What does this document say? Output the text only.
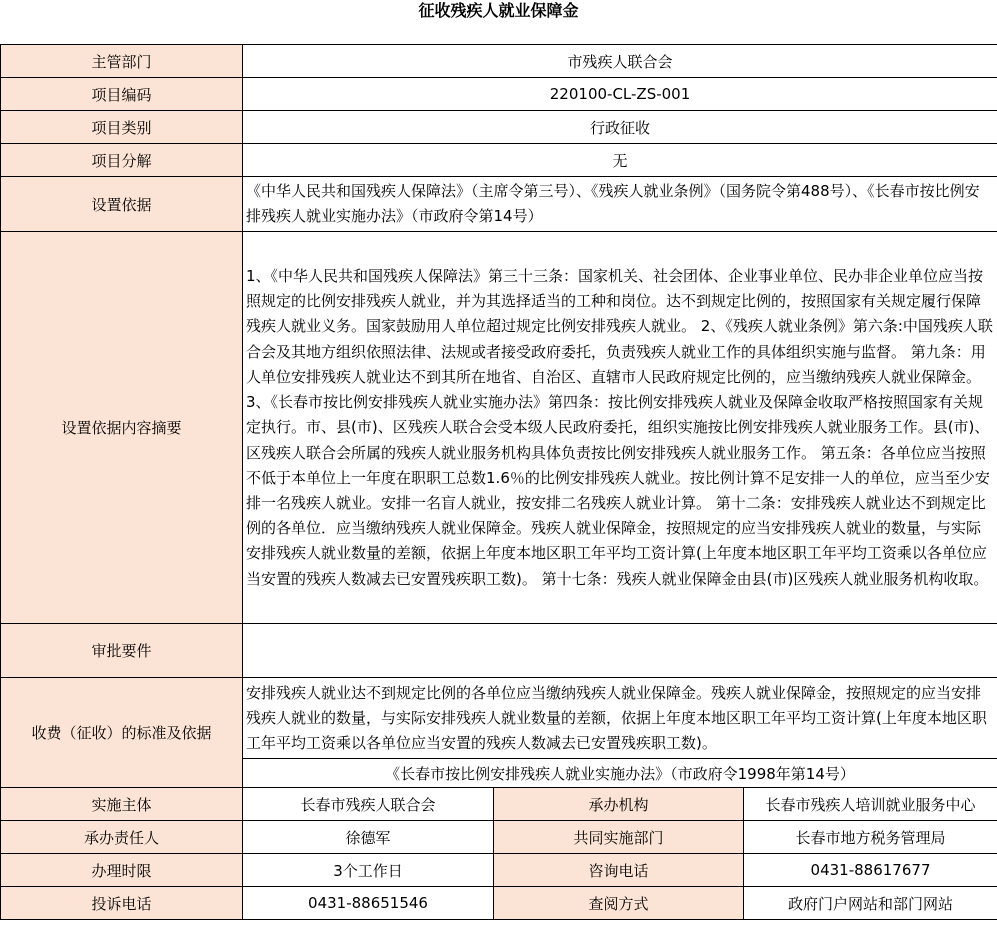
征收残疾人就业保障金
主管部门	市残疾人联合会		
项目编码	220100-CL-ZS-001		
项目类别	行政征收		
项目分解	无		
设置依据	《中华人民共和国残疾人保障法》（主席令第三号）、《残疾人就业条例》（国务院令第488号）、《长春市按比例安排残疾人就业实施办法》（市政府令第14号）		
设置依据内容摘要	1、《中华人民共和国残疾人保障法》第三十三条：国家机关、社会团体、企业事业单位、民办非企业单位应当按照规定的比例安排残疾人就业，并为其选择适当的工种和岗位。达不到规定比例的，按照国家有关规定履行保障残疾人就业义务。国家鼓励用人单位超过规定比例安排残疾人就业。 2、《残疾人就业条例》第六条:中国残疾人联合会及其地方组织依照法律、法规或者接受政府委托，负责残疾人就业工作的具体组织实施与监督。 第九条：用人单位安排残疾人就业达不到其所在地省、自治区、直辖市人民政府规定比例的，应当缴纳残疾人就业保障金。 3、《长春市按比例安排残疾人就业实施办法》第四条：按比例安排残疾人就业及保障金收取严格按照国家有关规定执行。市、县(市)、区残疾人联合会受本级人民政府委托，组织实施按比例安排残疾人就业服务工作。县(市)、区残疾人联合会所属的残疾人就业服务机构具体负责按比例安排残疾人就业服务工作。 第五条：各单位应当按照不低于本单位上一年度在职职工总数1.6％的比例安排残疾人就业。按比例计算不足安排一人的单位，应当至少安排一名残疾人就业。安排一名盲人就业，按安排二名残疾人就业计算。 第十二条：安排残疾人就业达不到规定比例的各单位．应当缴纳残疾人就业保障金。残疾人就业保障金，按照规定的应当安排残疾人就业的数量，与实际安排残疾人就业数量的差额，依据上年度本地区职工年平均工资计算(上年度本地区职工年平均工资乘以各单位应当安置的残疾人数减去已安置残疾职工数)。 第十七条：残疾人就业保障金由县(市)区残疾人就业服务机构收取。		
审批要件			
收费（征收）的标准及依据	安排残疾人就业达不到规定比例的各单位应当缴纳残疾人就业保障金。残疾人就业保障金，按照规定的应当安排残疾人就业的数量，与实际安排残疾人就业数量的差额，依据上年度本地区职工年平均工资计算(上年度本地区职工年平均工资乘以各单位应当安置的残疾人数减去已安置残疾职工数)。		
	《长春市按比例安排残疾人就业实施办法》（市政府令1998年第14号）		
实施主体	长春市残疾人联合会	承办机构	长春市残疾人培训就业服务中心
承办责任人	徐德军	共同实施部门	长春市地方税务管理局
办理时限	3个工作日	咨询电话	0431-88617677
投诉电话	0431-88651546	查阅方式	政府门户网站和部门网站
